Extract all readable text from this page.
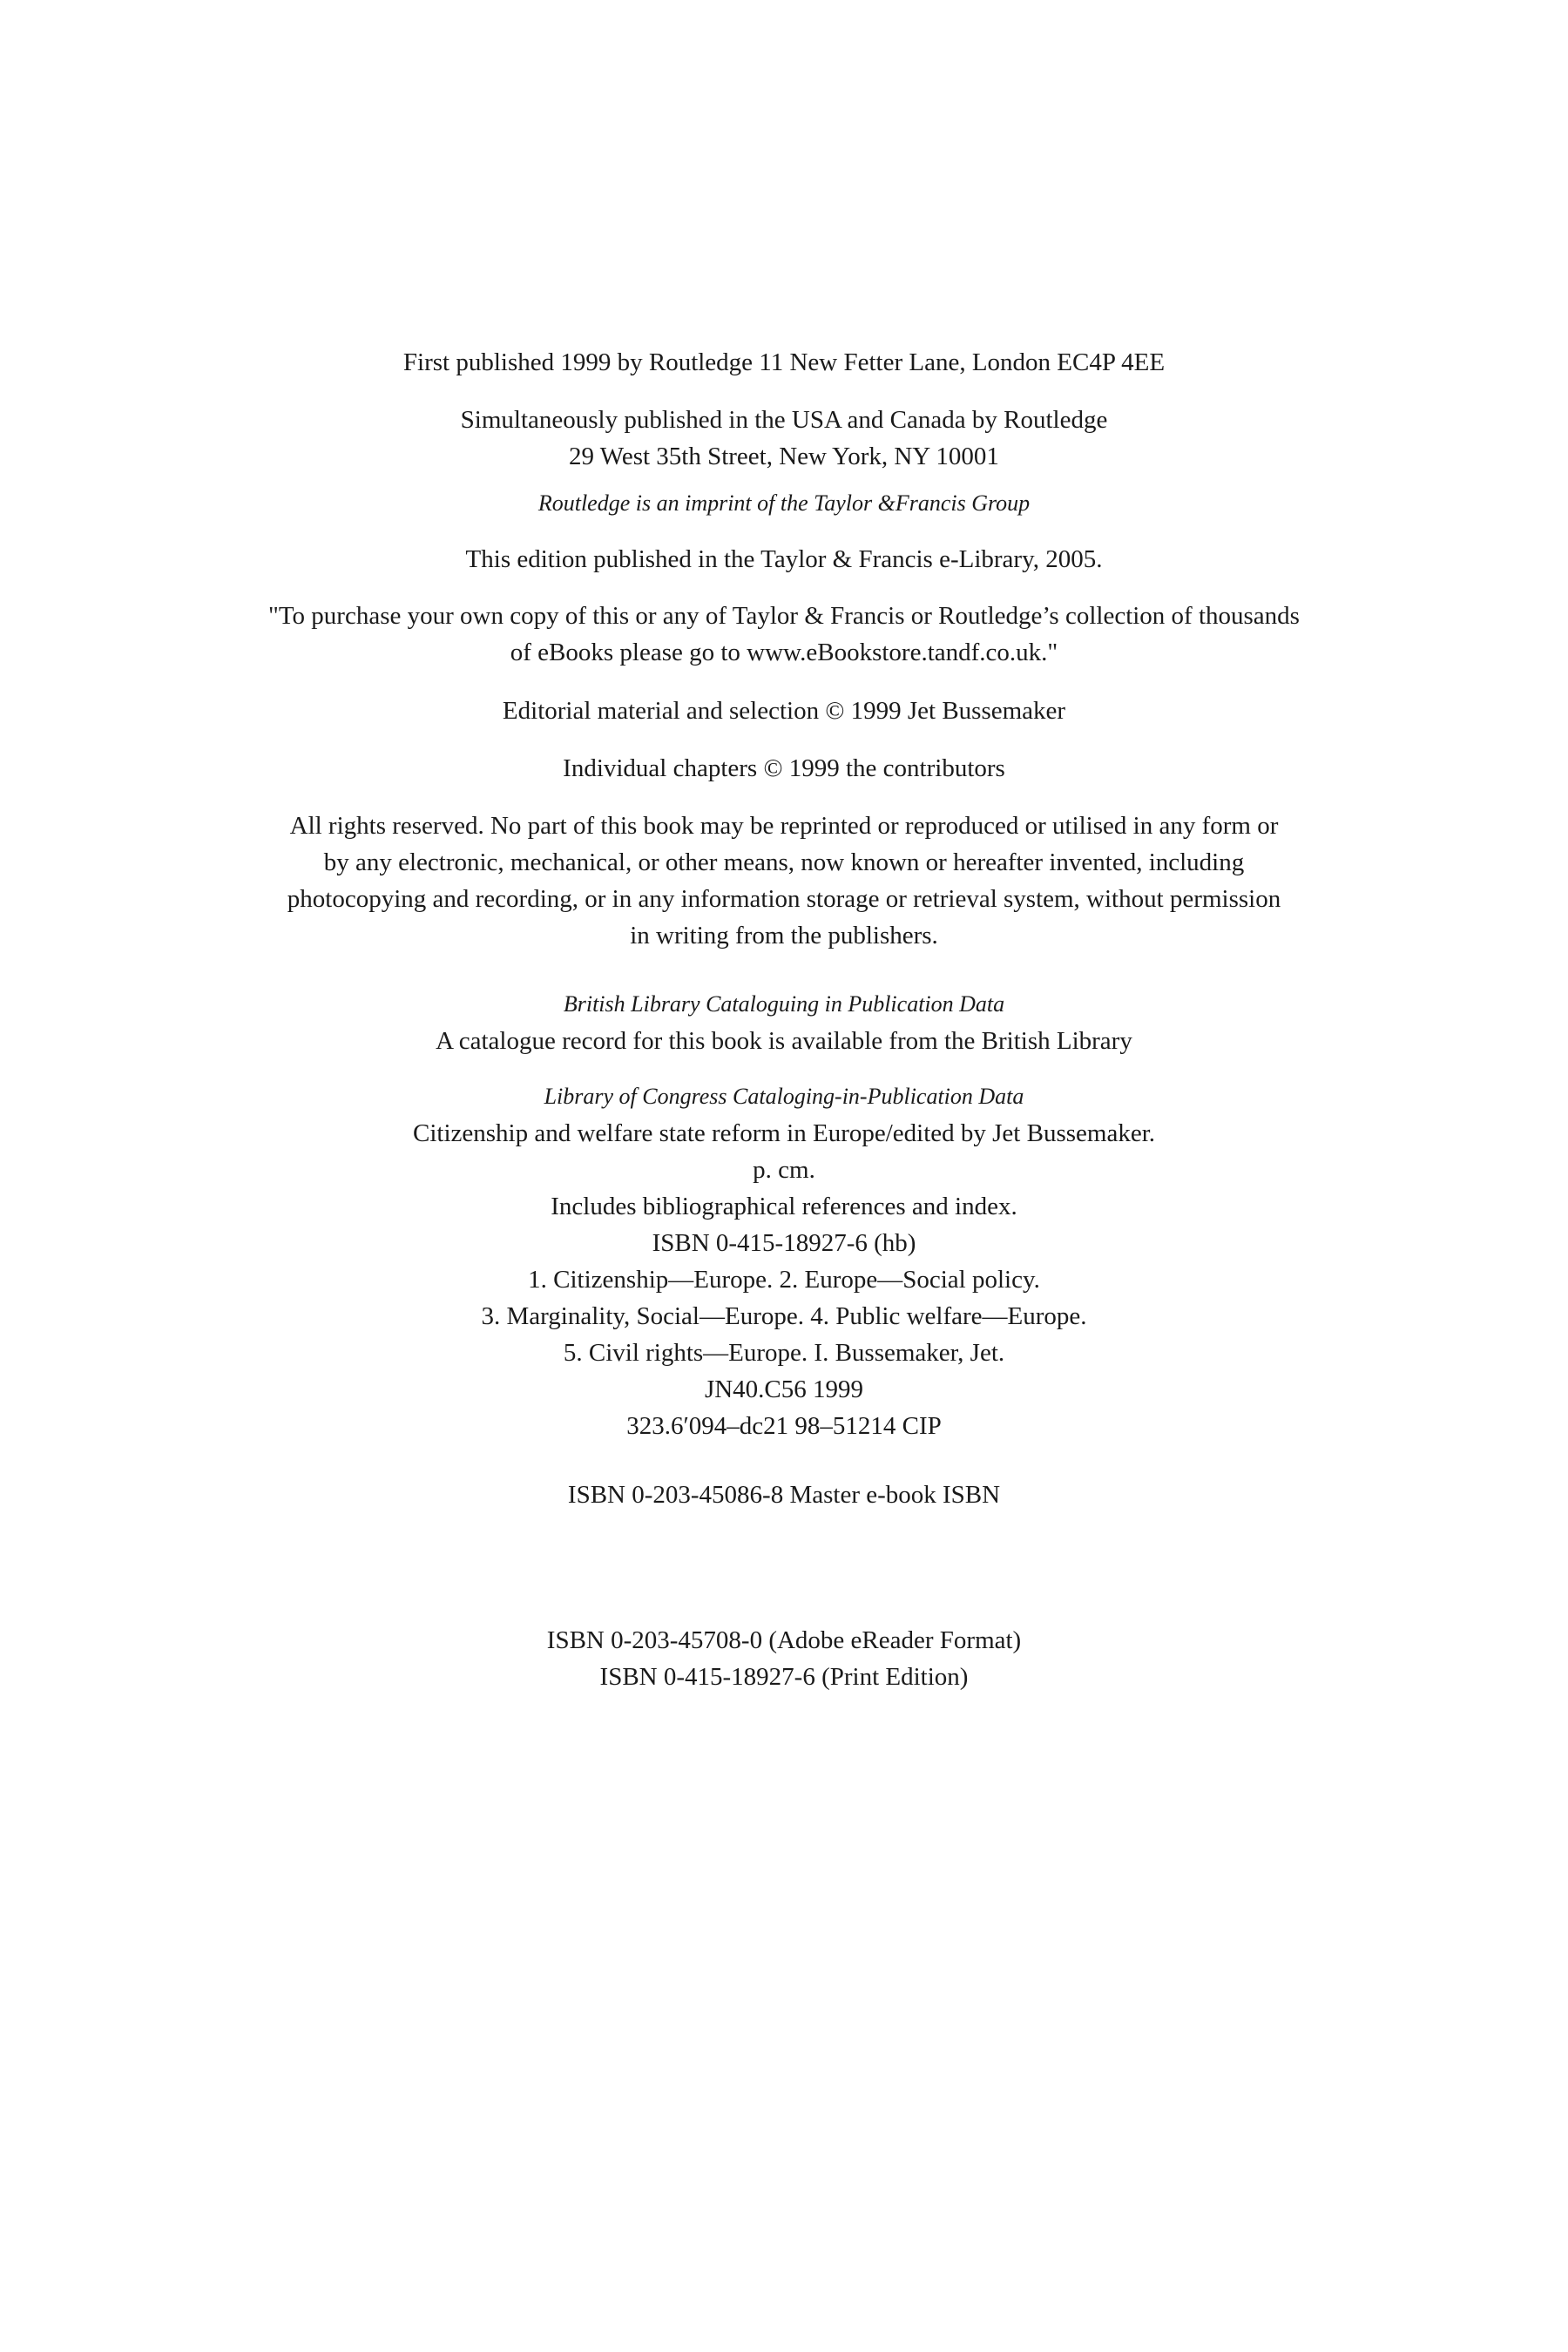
First published 1999 by Routledge 11 New Fetter Lane, London EC4P 4EE
Simultaneously published in the USA and Canada by Routledge
29 West 35th Street, New York, NY 10001
Routledge is an imprint of the Taylor &Francis Group
This edition published in the Taylor & Francis e-Library, 2005.
"To purchase your own copy of this or any of Taylor & Francis or Routledge’s collection of thousands
of eBooks please go to www.eBookstore.tandf.co.uk."
Editorial material and selection © 1999 Jet Bussemaker
Individual chapters © 1999 the contributors
All rights reserved. No part of this book may be reprinted or reproduced or utilised in any form or
by any electronic, mechanical, or other means, now known or hereafter invented, including
photocopying and recording, or in any information storage or retrieval system, without permission
in writing from the publishers.
British Library Cataloguing in Publication Data
A catalogue record for this book is available from the British Library
Library of Congress Cataloging-in-Publication Data
Citizenship and welfare state reform in Europe/edited by Jet Bussemaker.
p. cm.
Includes bibliographical references and index.
ISBN 0-415-18927-6 (hb)
1. Citizenship—Europe. 2. Europe—Social policy.
3. Marginality, Social—Europe. 4. Public welfare—Europe.
5. Civil rights—Europe. I. Bussemaker, Jet.
JN40.C56 1999
323.6′094–dc21 98–51214 CIP
ISBN 0-203-45086-8 Master e-book ISBN
ISBN 0-203-45708-0 (Adobe eReader Format)
ISBN 0-415-18927-6 (Print Edition)
